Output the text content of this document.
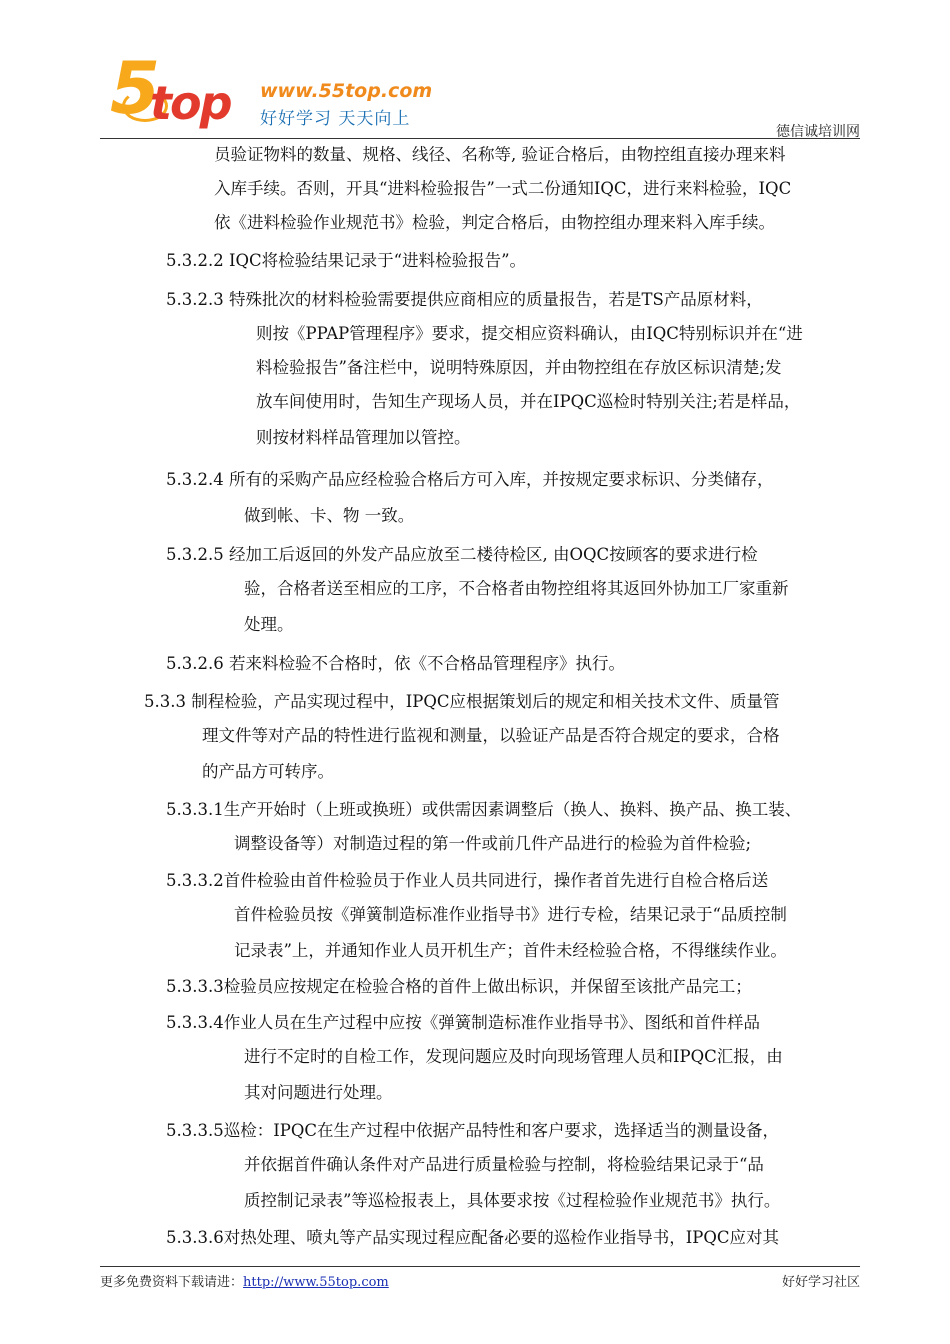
5
top www.55top.com
好好学习 天天向上
德信诚培训网

员验证物料的数量、规格、线径、名称等, 验证合格后，由物控组直接办理来料

入库手续。否则，开具“进料检验报告”一式二份通知IQC，进行来料检验，IQC

依《进料检验作业规范书》检验，判定合格后，由物控组办理来料入库手续。

5.3.2.2 IQC将检验结果记录于“进料检验报告”。

5.3.2.3 特殊批次的材料检验需要提供应商相应的质量报告，若是TS产品原材料，

则按《PPAP管理程序》要求，提交相应资料确认，由IQC特别标识并在“进

料检验报告”备注栏中，说明特殊原因，并由物控组在存放区标识清楚;发

放车间使用时，告知生产现场人员，并在IPQC巡检时特别关注;若是样品，

则按材料样品管理加以管控。

5.3.2.4 所有的采购产品应经检验合格后方可入库，并按规定要求标识、分类储存，

做到帐、卡、物 一致。

5.3.2.5 经加工后返回的外发产品应放至二楼待检区, 由OQC按顾客的要求进行检

验，合格者送至相应的工序，不合格者由物控组将其返回外协加工厂家重新

处理。

5.3.2.6 若来料检验不合格时，依《不合格品管理程序》执行。

5.3.3 制程检验，产品实现过程中，IPQC应根据策划后的规定和相关技术文件、质量管

理文件等对产品的特性进行监视和测量，以验证产品是否符合规定的要求，合格

的产品方可转序。

5.3.3.1生产开始时（上班或换班）或供需因素调整后（换人、换料、换产品、换工装、

调整设备等）对制造过程的第一件或前几件产品进行的检验为首件检验;

5.3.3.2首件检验由首件检验员于作业人员共同进行，操作者首先进行自检合格后送

首件检验员按《弹簧制造标准作业指导书》进行专检，结果记录于“品质控制

记录表”上，并通知作业人员开机生产；首件未经检验合格，不得继续作业。

5.3.3.3检验员应按规定在检验合格的首件上做出标识，并保留至该批产品完工；

5.3.3.4作业人员在生产过程中应按《弹簧制造标准作业指导书》、图纸和首件样品

进行不定时的自检工作，发现问题应及时向现场管理人员和IPQC汇报，由

其对问题进行处理。

5.3.3.5巡检：IPQC在生产过程中依据产品特性和客户要求，选择适当的测量设备，

并依据首件确认条件对产品进行质量检验与控制，将检验结果记录于“品

质控制记录表”等巡检报表上，具体要求按《过程检验作业规范书》执行。

5.3.3.6对热处理、喷丸等产品实现过程应配备必要的巡检作业指导书，IPQC应对其

更多免费资料下载请进：http://www.55top.com	好好学习社区
